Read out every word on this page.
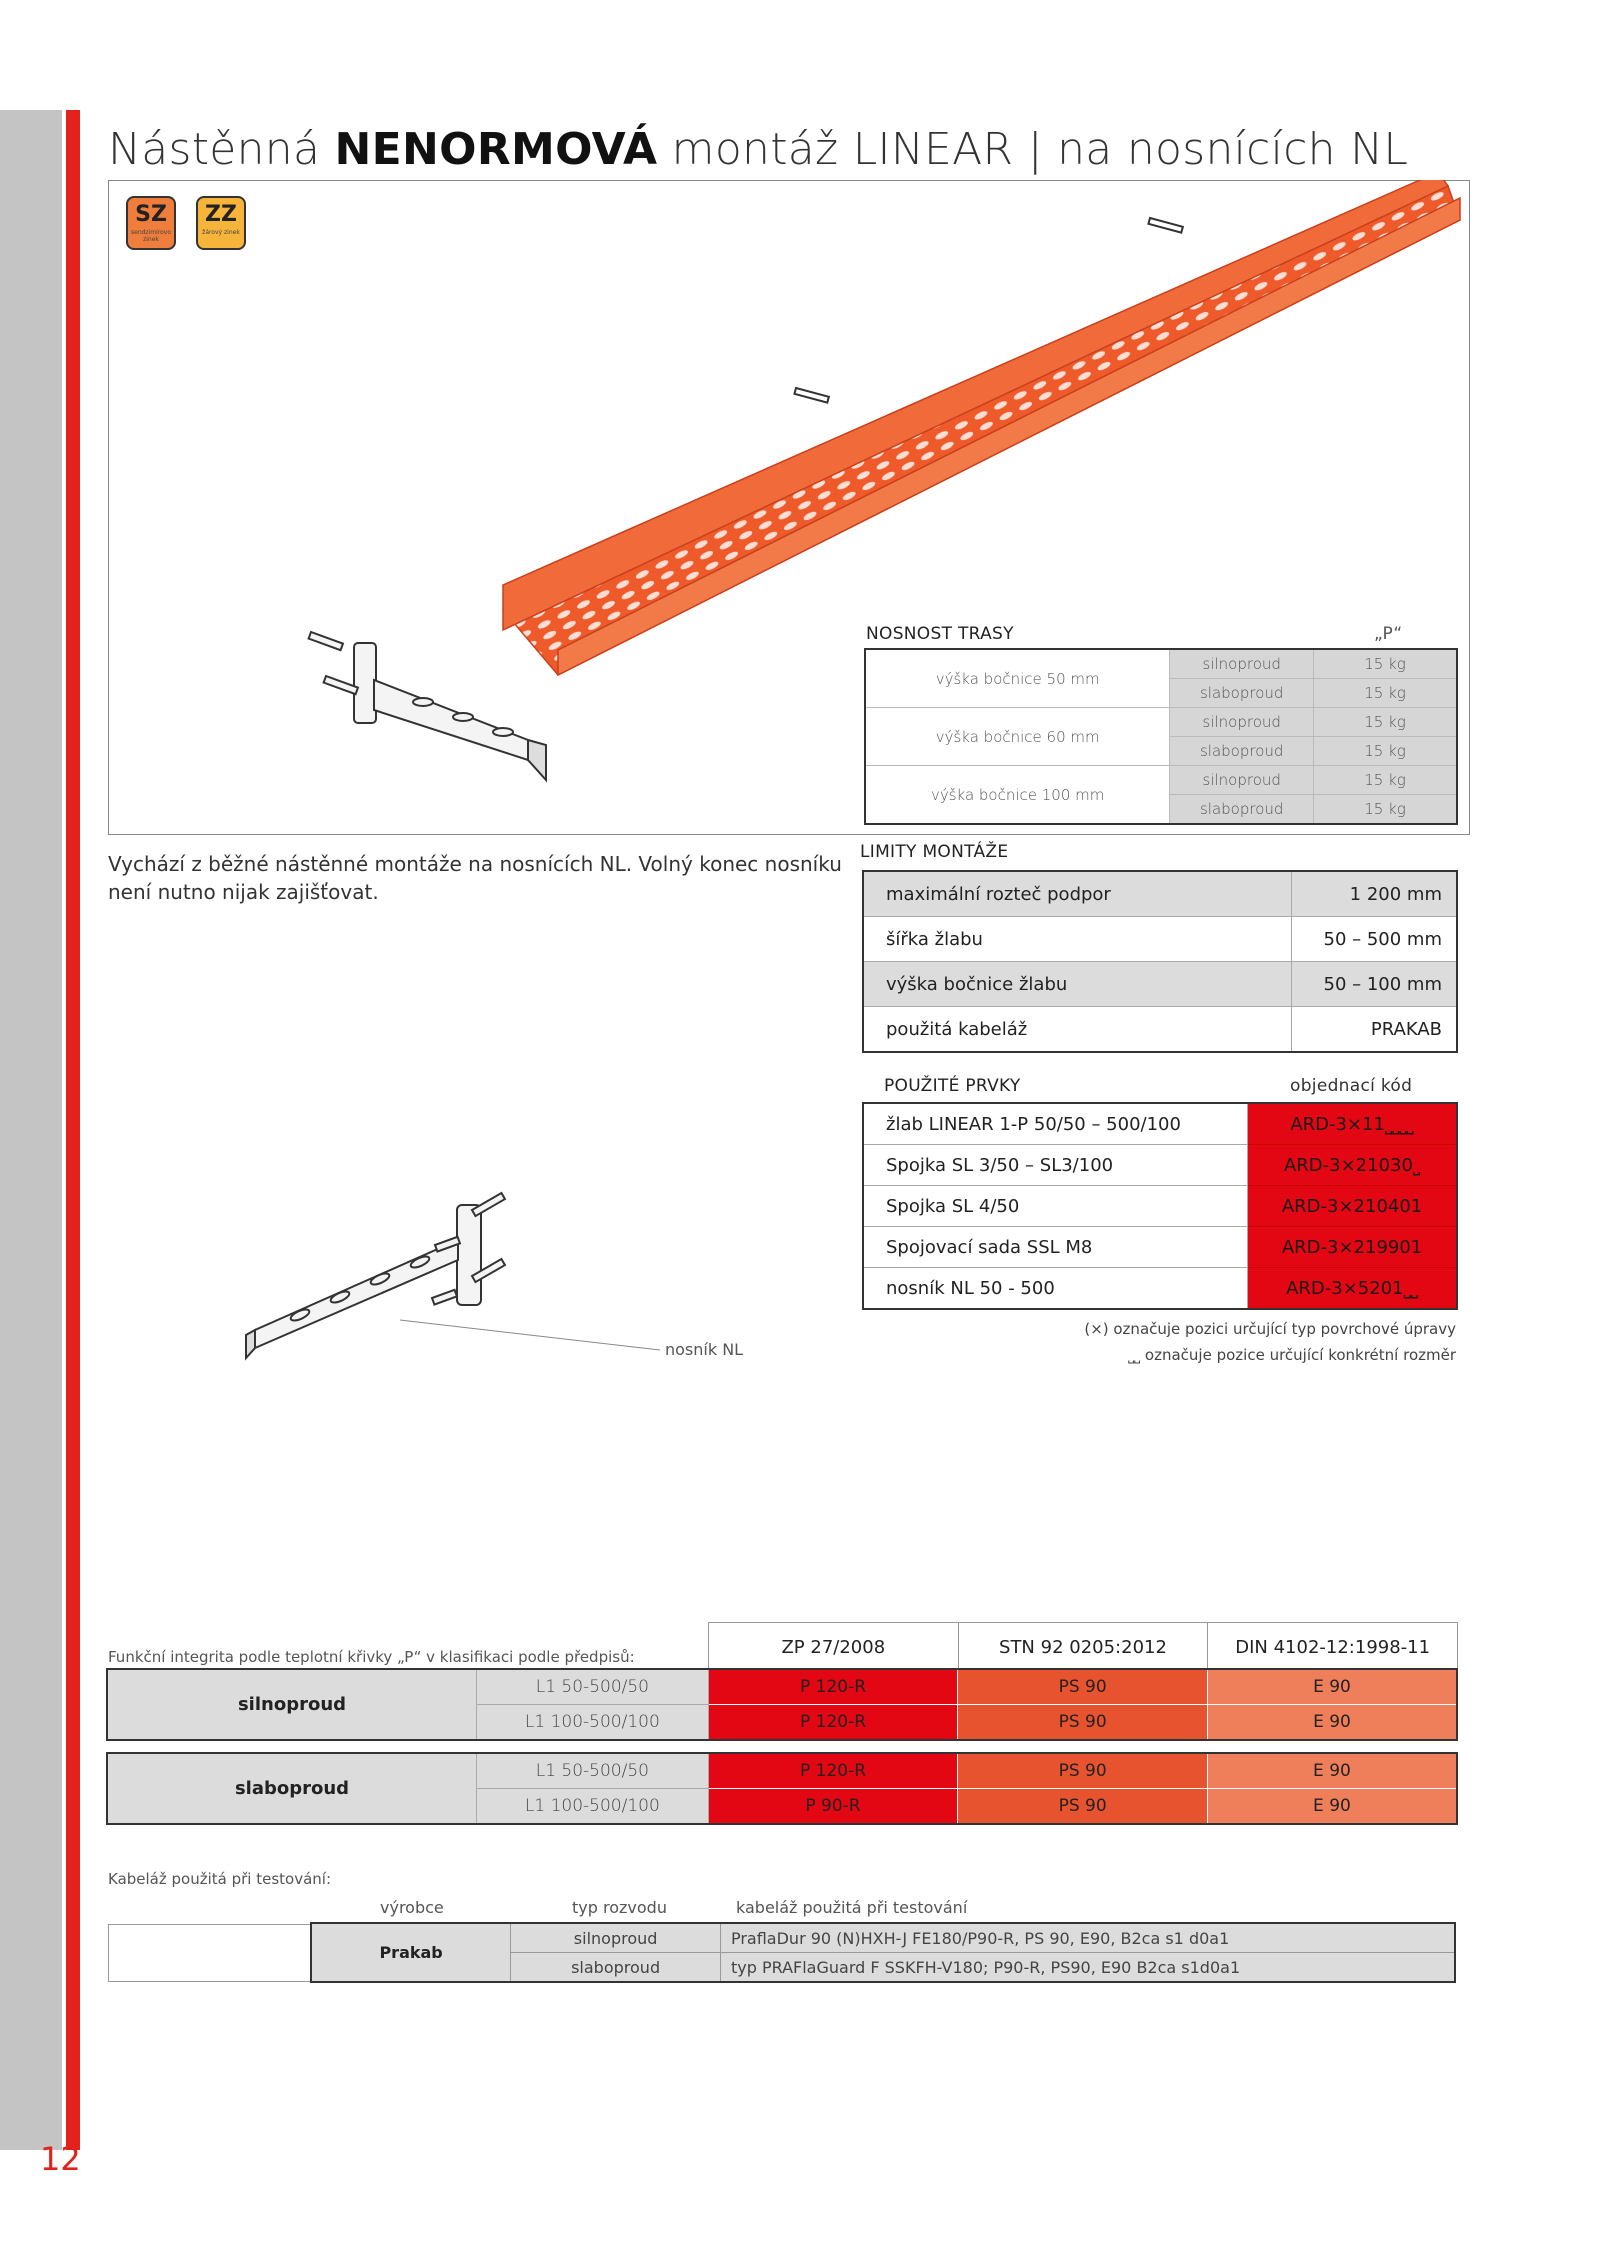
12
Nástěnná NENORMOVÁ montáž LINEAR | na nosnících NL
SZ
sendzimirovo zinek
ZZ
žárový zinek
nosník NL
Vychází z běžné nástěnné montáže na nosnících NL. Volný konec nosníku není nutno nijak zajišťovat.
NOSNOST TRASY	„P“
výška bočnice 50 mm	silnoproud	15 kg
	slaboproud	15 kg
výška bočnice 60 mm	silnoproud	15 kg
	slaboproud	15 kg
výška bočnice 100 mm	silnoproud	15 kg
	slaboproud	15 kg
LIMITY MONTÁŽE
maximální rozteč podpor	1 200 mm
šířka žlabu	50 – 500 mm
výška bočnice žlabu	50 – 100 mm
použitá kabeláž	PRAKAB
POUŽITÉ PRVKY	objednací kód
žlab LINEAR 1-P 50/50 – 500/100	ARD-3×11⎵⎵⎵⎵
Spojka SL 3/50 – SL3/100	ARD-3×21030⎵
Spojka SL 4/50	ARD-3×210401
Spojovací sada SSL M8	ARD-3×219901
nosník NL 50 - 500	ARD-3×5201⎵⎵
(×) označuje pozici určující typ povrchové úpravy
⎵⎵ označuje pozice určující konkrétní rozměr
Funkční integrita podle teplotní křivky „P“ v klasifikaci podle předpisů:	ZP 27/2008	STN 92 0205:2012	DIN 4102-12:1998-11
silnoproud	L1 50-500/50	P 120-R	PS 90	E 90
	L1 100-500/100	P 120-R	PS 90	E 90
slaboproud	L1 50-500/50	P 120-R	PS 90	E 90
	L1 100-500/100	P 90-R	PS 90	E 90
Kabeláž použitá při testování:
výrobce	typ rozvodu	kabeláž použitá při testování
Prakab	silnoproud	PraflaDur 90 (N)HXH-J FE180/P90-R, PS 90, E90, B2ca s1 d0a1
	slaboproud	typ PRAFlaGuard F SSKFH-V180; P90-R, PS90, E90 B2ca s1d0a1
